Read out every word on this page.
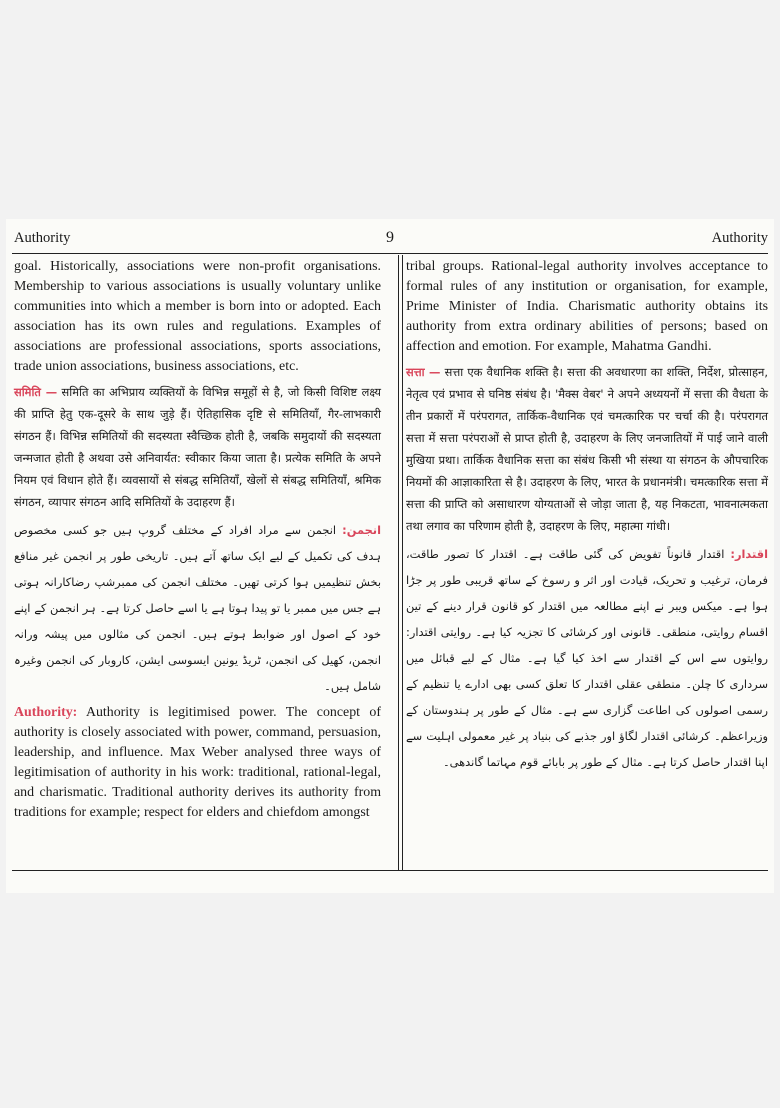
Authority	9	Authority

goal. Historically, associations were non-profit organisations. Membership to various associations is usually voluntary unlike communities into which a member is born into or adopted. Each association has its own rules and regulations. Examples of associations are professional associations, sports associations, trade union associations, business associations, etc.

समिति — समिति का अभिप्राय व्यक्तियों के विभिन्न समूहों से है, जो किसी विशिष्ट लक्ष्य की प्राप्ति हेतु एक-दूसरे के साथ जुड़े हैं। ऐतिहासिक दृष्टि से समितियाँ, गैर-लाभकारी संगठन हैं। विभिन्न समितियों की सदस्यता स्वैच्छिक होती है, जबकि समुदायों की सदस्यता जन्मजात होती है अथवा उसे अनिवार्यत: स्वीकार किया जाता है। प्रत्येक समिति के अपने नियम एवं विधान होते हैं। व्यवसायों से संबद्ध समितियाँ, खेलों से संबद्ध समितियाँ, श्रमिक संगठन, व्यापार संगठन आदि समितियों के उदाहरण हैं।

انجمن: انجمن سے مراد افراد کے مختلف گروپ ہیں جو کسی مخصوص ہدف کی تکمیل کے لیے ایک ساتھ آتے ہیں۔ تاریخی طور پر انجمن غیر منافع بخش تنظیمیں ہوا کرتی تھیں۔ مختلف انجمن کی ممبرشپ رضاکارانہ ہوتی ہے جس میں ممبر یا تو پیدا ہوتا ہے یا اسے حاصل کرتا ہے۔ ہر انجمن کے اپنے خود کے اصول اور ضوابط ہوتے ہیں۔ انجمن کی مثالوں میں پیشہ ورانہ انجمن، کھیل کی انجمن، ٹریڈ یونین ایسوسی ایشن، کاروبار کی انجمن وغیرہ شامل ہیں۔

Authority: Authority is legitimised power. The concept of authority is closely associated with power, command, persuasion, leadership, and influence. Max Weber analysed three ways of legitimisation of authority in his work: traditional, rational-legal, and charismatic. Traditional authority derives its authority from traditions for example; respect for elders and chiefdom amongst

tribal groups. Rational-legal authority involves acceptance to formal rules of any institution or organisation, for example, Prime Minister of India. Charismatic authority obtains its authority from extra ordinary abilities of persons; based on affection and emotion. For example, Mahatma Gandhi.

सत्ता — सत्ता एक वैधानिक शक्ति है। सत्ता की अवधारणा का शक्ति, निर्देश, प्रोत्साहन, नेतृत्व एवं प्रभाव से घनिष्ठ संबंध है। 'मैक्स वेबर' ने अपने अध्ययनों में सत्ता की वैधता के तीन प्रकारों में परंपरागत, तार्किक-वैधानिक एवं चमत्कारिक पर चर्चा की है। परंपरागत सत्ता में सत्ता परंपराओं से प्राप्त होती है, उदाहरण के लिए जनजातियों में पाई जाने वाली मुखिया प्रथा। तार्किक वैधानिक सत्ता का संबंध किसी भी संस्था या संगठन के औपचारिक नियमों की आज्ञाकारिता से है। उदाहरण के लिए, भारत के प्रधानमंत्री। चमत्कारिक सत्ता में सत्ता की प्राप्ति को असाधारण योग्यताओं से जोड़ा जाता है, यह निकटता, भावनात्मकता तथा लगाव का परिणाम होती है, उदाहरण के लिए, महात्मा गांधी।

اقتدار: اقتدار قانوناً تفویض کی گئی طاقت ہے۔ اقتدار کا تصور طاقت، فرمان، ترغیب و تحریک، قیادت اور اثر و رسوخ کے ساتھ قریبی طور پر جڑا ہوا ہے۔ میکس ویبر نے اپنے مطالعہ میں اقتدار کو قانون قرار دینے کے تین اقسام روایتی، منطقی۔ قانونی اور کرشائی کا تجزیہ کیا ہے۔ روایتی اقتدار: روایتوں سے اس کے اقتدار سے اخذ کیا گیا ہے۔ مثال کے لیے قبائل میں سرداری کا چلن۔ منطقی عقلی اقتدار کا تعلق کسی بھی ادارے یا تنظیم کے رسمی اصولوں کی اطاعت گزاری سے ہے۔ مثال کے طور پر ہندوستان کے وزیراعظم۔ کرشائی اقتدار لگاؤ اور جذبے کی بنیاد پر غیر معمولی اہلیت سے اپنا اقتدار حاصل کرتا ہے۔ مثال کے طور پر بابائے قوم مہاتما گاندھی۔
